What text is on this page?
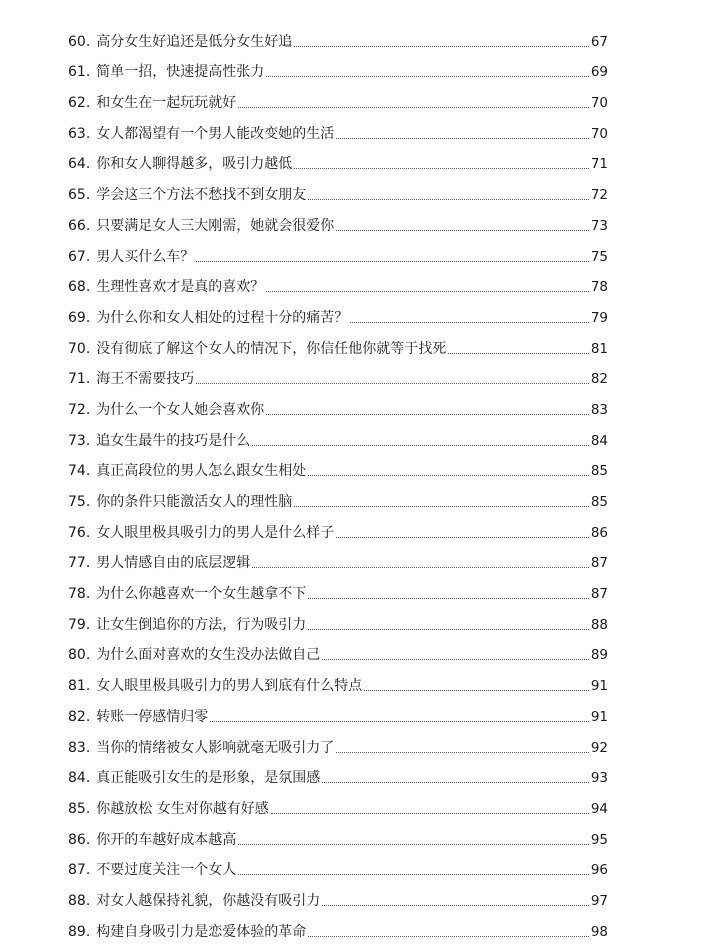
60. 高分女生好追还是低分女生好追	67
61. 简单一招，快速提高性张力	69
62. 和女生在一起玩玩就好	70
63. 女人都渴望有一个男人能改变她的生活	70
64. 你和女人聊得越多，吸引力越低	71
65. 学会这三个方法不愁找不到女朋友	72
66. 只要满足女人三大刚需，她就会很爱你	73
67. 男人买什么车？	75
68. 生理性喜欢才是真的喜欢？	78
69. 为什么你和女人相处的过程十分的痛苦？	79
70. 没有彻底了解这个女人的情况下，你信任他你就等于找死	81
71. 海王不需要技巧	82
72. 为什么一个女人她会喜欢你	83
73. 追女生最牛的技巧是什么	84
74. 真正高段位的男人怎么跟女生相处	85
75. 你的条件只能激活女人的理性脑	85
76. 女人眼里极具吸引力的男人是什么样子	86
77. 男人情感自由的底层逻辑	87
78. 为什么你越喜欢一个女生越拿不下	87
79. 让女生倒追你的方法，行为吸引力	88
80. 为什么面对喜欢的女生没办法做自己	89
81. 女人眼里极具吸引力的男人到底有什么特点	91
82. 转账一停感情归零	91
83. 当你的情绪被女人影响就毫无吸引力了	92
84. 真正能吸引女生的是形象，是氛围感	93
85. 你越放松 女生对你越有好感	94
86. 你开的车越好成本越高	95
87. 不要过度关注一个女人	96
88. 对女人越保持礼貌，你越没有吸引力	97
89. 构建自身吸引力是恋爱体验的革命	98
